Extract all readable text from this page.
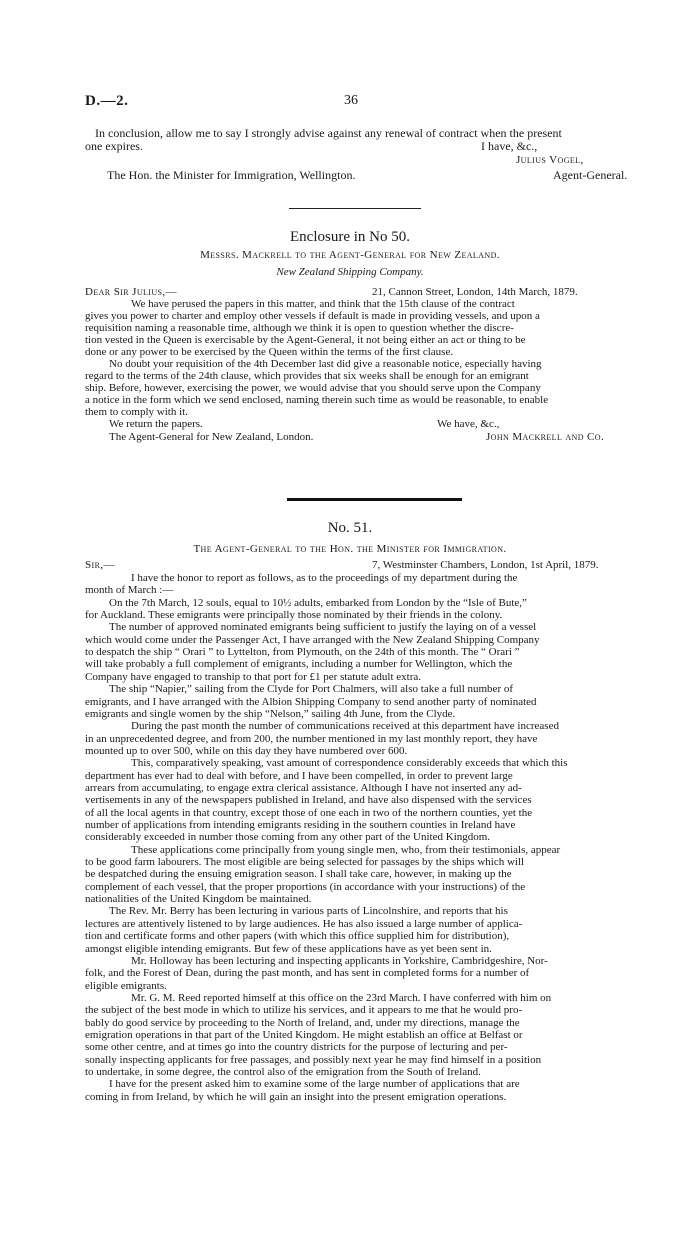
D.—2.	36
In conclusion, allow me to say I strongly advise against any renewal of contract when the present
one expires.	I have, &c.,
Julius Vogel,
The Hon. the Minister for Immigration, Wellington.	Agent-General.
Enclosure in No 50.
Messrs. Mackrell to the Agent-General for New Zealand.
New Zealand Shipping Company.
Dear Sir Julius,—	21, Cannon Street, London, 14th March, 1879.
We have perused the papers in this matter, and think that the 15th clause of the contract
gives you power to charter and employ other vessels if default is made in providing vessels, and upon a
requisition naming a reasonable time, although we think it is open to question whether the discre-
tion vested in the Queen is exercisable by the Agent-General, it not being either an act or thing to be
done or any power to be exercised by the Queen within the terms of the first clause.
No doubt your requisition of the 4th December last did give a reasonable notice, especially having
regard to the terms of the 24th clause, which provides that six weeks shall be enough for an emigrant
ship. Before, however, exercising the power, we would advise that you should serve upon the Company
a notice in the form which we send enclosed, naming therein such time as would be reasonable, to enable
them to comply with it.
We return the papers.	We have, &c.,
The Agent-General for New Zealand, London.	John Mackrell and Co.
No. 51.
The Agent-General to the Hon. the Minister for Immigration.
Sir,—	7, Westminster Chambers, London, 1st April, 1879.
I have the honor to report as follows, as to the proceedings of my department during the
month of March :—
On the 7th March, 12 souls, equal to 10½ adults, embarked from London by the “Isle of Bute,”
for Auckland. These emigrants were principally those nominated by their friends in the colony.
The number of approved nominated emigrants being sufficient to justify the laying on of a vessel
which would come under the Passenger Act, I have arranged with the New Zealand Shipping Company
to despatch the ship “ Orari ” to Lyttelton, from Plymouth, on the 24th of this month. The “ Orari ”
will take probably a full complement of emigrants, including a number for Wellington, which the
Company have engaged to tranship to that port for £1 per statute adult extra.
The ship “Napier,” sailing from the Clyde for Port Chalmers, will also take a full number of
emigrants, and I have arranged with the Albion Shipping Company to send another party of nominated
emigrants and single women by the ship “Nelson,” sailing 4th June, from the Clyde.
During the past month the number of communications received at this department have increased
in an unprecedented degree, and from 200, the number mentioned in my last monthly report, they have
mounted up to over 500, while on this day they have numbered over 600.
This, comparatively speaking, vast amount of correspondence considerably exceeds that which this
department has ever had to deal with before, and I have been compelled, in order to prevent large
arrears from accumulating, to engage extra clerical assistance. Although I have not inserted any ad-
vertisements in any of the newspapers published in Ireland, and have also dispensed with the services
of all the local agents in that country, except those of one each in two of the northern counties, yet the
number of applications from intending emigrants residing in the southern counties in Ireland have
considerably exceeded in number those coming from any other part of the United Kingdom.
These applications come principally from young single men, who, from their testimonials, appear
to be good farm labourers. The most eligible are being selected for passages by the ships which will
be despatched during the ensuing emigration season. I shall take care, however, in making up the
complement of each vessel, that the proper proportions (in accordance with your instructions) of the
nationalities of the United Kingdom be maintained.
The Rev. Mr. Berry has been lecturing in various parts of Lincolnshire, and reports that his
lectures are attentively listened to by large audiences. He has also issued a large number of applica-
tion and certificate forms and other papers (with which this office supplied him for distribution),
amongst eligible intending emigrants. But few of these applications have as yet been sent in.
Mr. Holloway has been lecturing and inspecting applicants in Yorkshire, Cambridgeshire, Nor-
folk, and the Forest of Dean, during the past month, and has sent in completed forms for a number of
eligible emigrants.
Mr. G. M. Reed reported himself at this office on the 23rd March. I have conferred with him on
the subject of the best mode in which to utilize his services, and it appears to me that he would pro-
bably do good service by proceeding to the North of Ireland, and, under my directions, manage the
emigration operations in that part of the United Kingdom. He might establish an office at Belfast or
some other centre, and at times go into the country districts for the purpose of lecturing and per-
sonally inspecting applicants for free passages, and possibly next year he may find himself in a position
to undertake, in some degree, the control also of the emigration from the South of Ireland.
I have for the present asked him to examine some of the large number of applications that are
coming in from Ireland, by which he will gain an insight into the present emigration operations.
